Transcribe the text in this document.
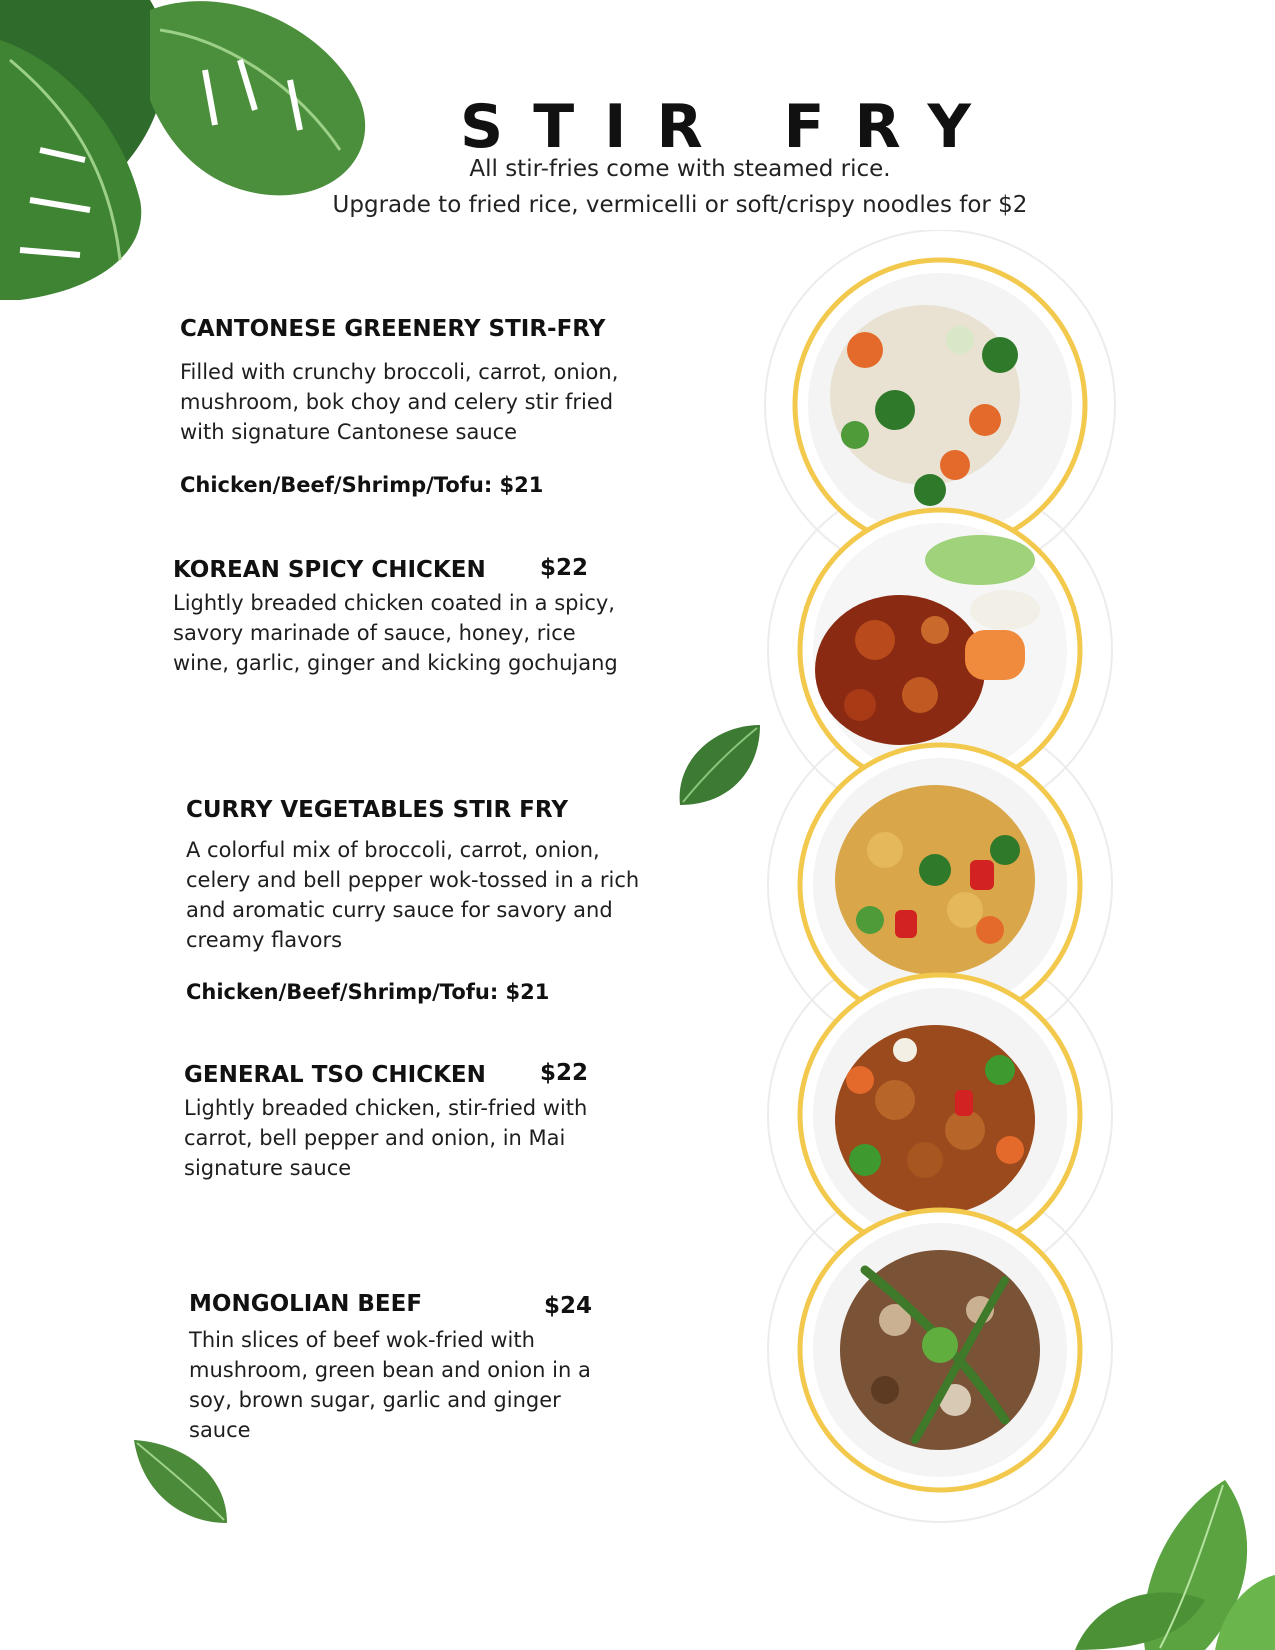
STIR FRY

All stir-fries come with steamed rice.

Upgrade to fried rice, vermicelli or soft/crispy noodles for $2

CANTONESE GREENERY STIR-FRY

Filled with crunchy broccoli, carrot, onion, mushroom, bok choy and celery stir fried with signature Cantonese sauce

Chicken/Beef/Shrimp/Tofu: $21

KOREAN SPICY CHICKEN $22

Lightly breaded chicken coated in a spicy, savory marinade of sauce, honey, rice wine, garlic, ginger and kicking gochujang

CURRY VEGETABLES STIR FRY

A colorful mix of broccoli, carrot, onion, celery and bell pepper wok-tossed in a rich and aromatic curry sauce for savory and creamy flavors

Chicken/Beef/Shrimp/Tofu: $21

GENERAL TSO CHICKEN $22

Lightly breaded chicken, stir-fried with carrot, bell pepper and onion, in Mai signature sauce

MONGOLIAN BEEF	$24

Thin slices of beef wok-fried with mushroom, green bean and onion in a soy, brown sugar, garlic and ginger sauce
